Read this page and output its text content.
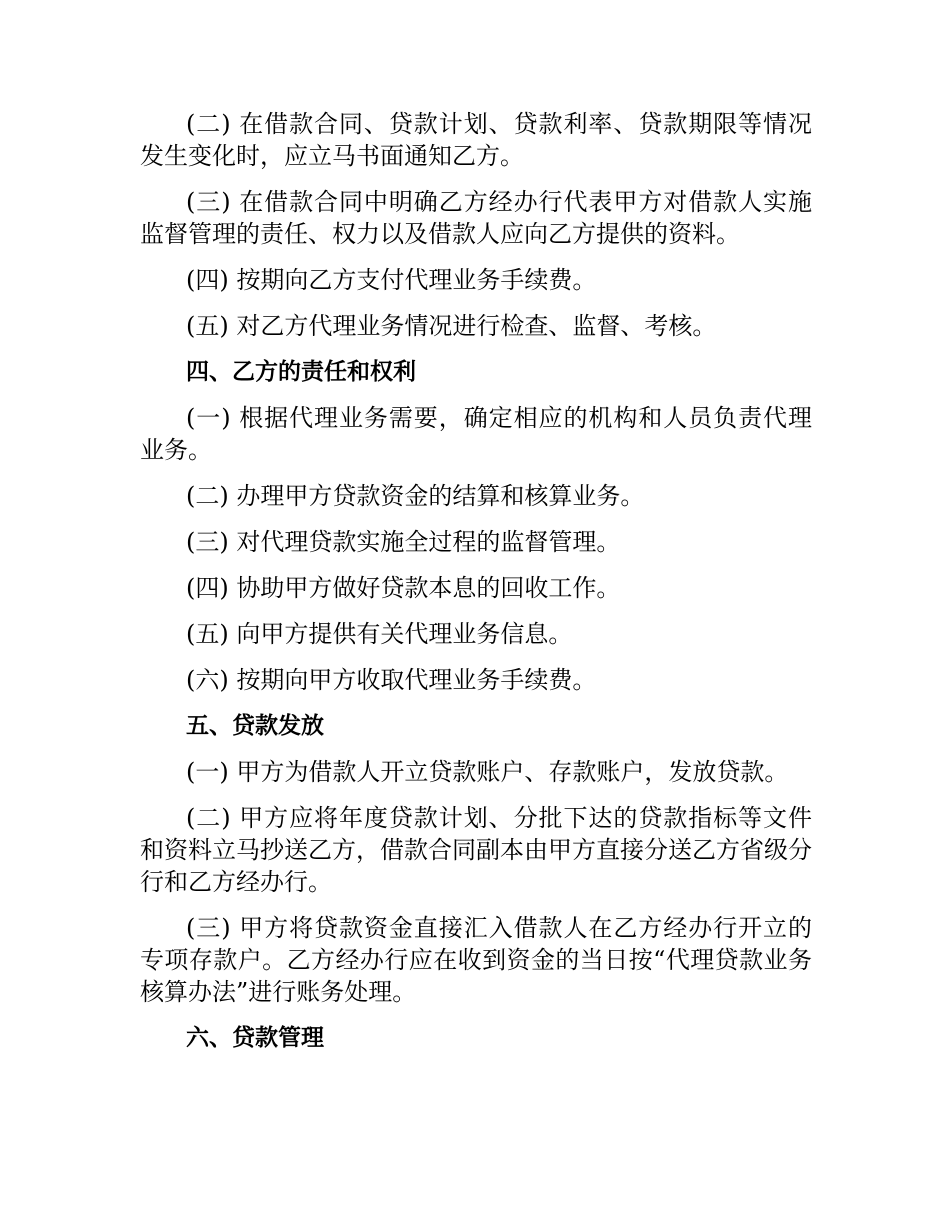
(二) 在借款合同、贷款计划、贷款利率、贷款期限等情况发生变化时，应立马书面通知乙方。

(三) 在借款合同中明确乙方经办行代表甲方对借款人实施监督管理的责任、权力以及借款人应向乙方提供的资料。

(四) 按期向乙方支付代理业务手续费。

(五) 对乙方代理业务情况进行检查、监督、考核。

四、乙方的责任和权利

(一) 根据代理业务需要，确定相应的机构和人员负责代理业务。

(二) 办理甲方贷款资金的结算和核算业务。

(三) 对代理贷款实施全过程的监督管理。

(四) 协助甲方做好贷款本息的回收工作。

(五) 向甲方提供有关代理业务信息。

(六) 按期向甲方收取代理业务手续费。

五、贷款发放

(一) 甲方为借款人开立贷款账户、存款账户，发放贷款。

(二) 甲方应将年度贷款计划、分批下达的贷款指标等文件和资料立马抄送乙方，借款合同副本由甲方直接分送乙方省级分行和乙方经办行。

(三) 甲方将贷款资金直接汇入借款人在乙方经办行开立的专项存款户。乙方经办行应在收到资金的当日按“代理贷款业务核算办法”进行账务处理。

六、贷款管理
